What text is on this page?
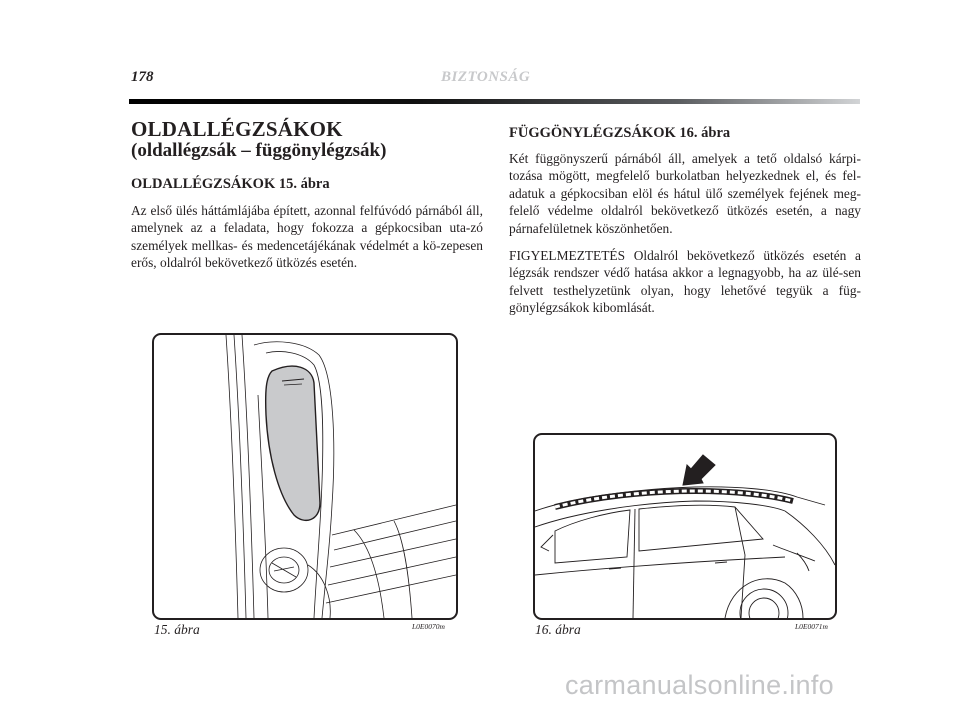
178	BIZTONSÁG
OLDALLÉGZSÁKOK
(oldallégzsák – függönylégzsák)
OLDALLÉGZSÁKOK 15. ábra

Az első ülés háttámlájába épített, azonnal felfúvódó párnából áll, amelynek az a feladata, hogy fokozza a gépkocsiban uta-zó személyek mellkas- és medencetájékának védelmét a kö-zepesen erős, oldalról bekövetkező ütközés esetén.

FÜGGÖNYLÉGZSÁKOK 16. ábra

Két függönyszerű párnából áll, amelyek a tető oldalsó kárpi-tozása mögött, megfelelő burkolatban helyezkednek el, és fel-adatuk a gépkocsiban elöl és hátul ülő személyek fejének meg-felelő védelme oldalról bekövetkező ütközés esetén, a nagy párnafelületnek köszönhetően.

FIGYELMEZTETÉS Oldalról bekövetkező ütközés esetén a légzsák rendszer védő hatása akkor a legnagyobb, ha az ülé-sen felvett testhelyzetünk olyan, hogy lehetővé tegyük a füg-gönylégzsákok kibomlását.

15. ábra	L0E0070m	16. ábra	L0E0071m
carmanualsonline.info
